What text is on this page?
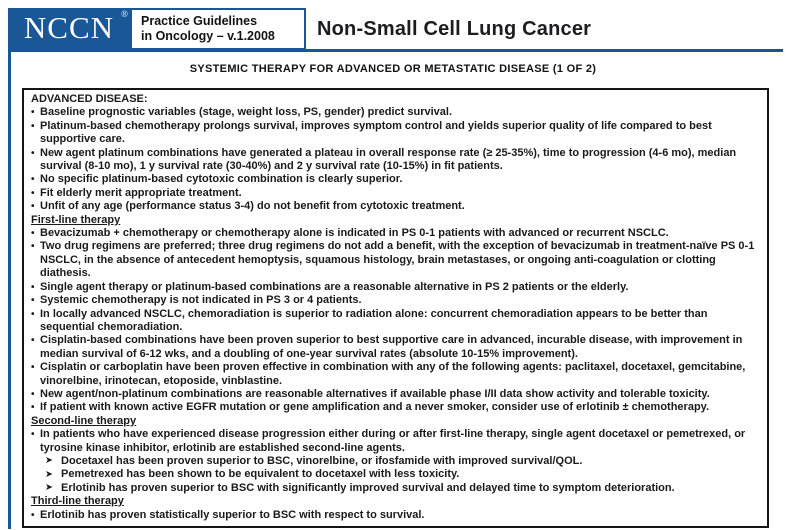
NCCN ® Practice Guidelines
in Oncology – v.1.2008	Non-Small Cell Lung Cancer
SYSTEMIC THERAPY FOR ADVANCED OR METASTATIC DISEASE (1 OF 2)
ADVANCED DISEASE:
• Baseline prognostic variables (stage, weight loss, PS, gender) predict survival.
• Platinum-based chemotherapy prolongs survival, improves symptom control and yields superior quality of life compared to best supportive care.
• New agent platinum combinations have generated a plateau in overall response rate (≥ 25-35%), time to progression (4-6 mo), median survival (8-10 mo), 1 y survival rate (30-40%) and 2 y survival rate (10-15%) in fit patients.
• No specific platinum-based cytotoxic combination is clearly superior.
• Fit elderly merit appropriate treatment.
• Unfit of any age (performance status 3-4) do not benefit from cytotoxic treatment.
First-line therapy
• Bevacizumab + chemotherapy or chemotherapy alone is indicated in PS 0-1 patients with advanced or recurrent NSCLC.
• Two drug regimens are preferred; three drug regimens do not add a benefit, with the exception of bevacizumab in treatment-naïve PS 0-1 NSCLC, in the absence of antecedent hemoptysis, squamous histology, brain metastases, or ongoing anti-coagulation or clotting diathesis.
• Single agent therapy or platinum-based combinations are a reasonable alternative in PS 2 patients or the elderly.
• Systemic chemotherapy is not indicated in PS 3 or 4 patients.
• In locally advanced NSCLC, chemoradiation is superior to radiation alone: concurrent chemoradiation appears to be better than sequential chemoradiation.
• Cisplatin-based combinations have been proven superior to best supportive care in advanced, incurable disease, with improvement in median survival of 6-12 wks, and a doubling of one-year survival rates (absolute 10-15% improvement).
• Cisplatin or carboplatin have been proven effective in combination with any of the following agents: paclitaxel, docetaxel, gemcitabine, vinorelbine, irinotecan, etoposide, vinblastine.
• New agent/non-platinum combinations are reasonable alternatives if available phase I/II data show activity and tolerable toxicity.
• If patient with known active EGFR mutation or gene amplification and a never smoker, consider use of erlotinib ± chemotherapy.
Second-line therapy
• In patients who have experienced disease progression either during or after first-line therapy, single agent docetaxel or pemetrexed, or tyrosine kinase inhibitor, erlotinib are established second-line agents.
➤ Docetaxel has been proven superior to BSC, vinorelbine, or ifosfamide with improved survival/QOL.
➤ Pemetrexed has been shown to be equivalent to docetaxel with less toxicity.
➤ Erlotinib has proven superior to BSC with significantly improved survival and delayed time to symptom deterioration.
Third-line therapy
• Erlotinib has proven statistically superior to BSC with respect to survival.
